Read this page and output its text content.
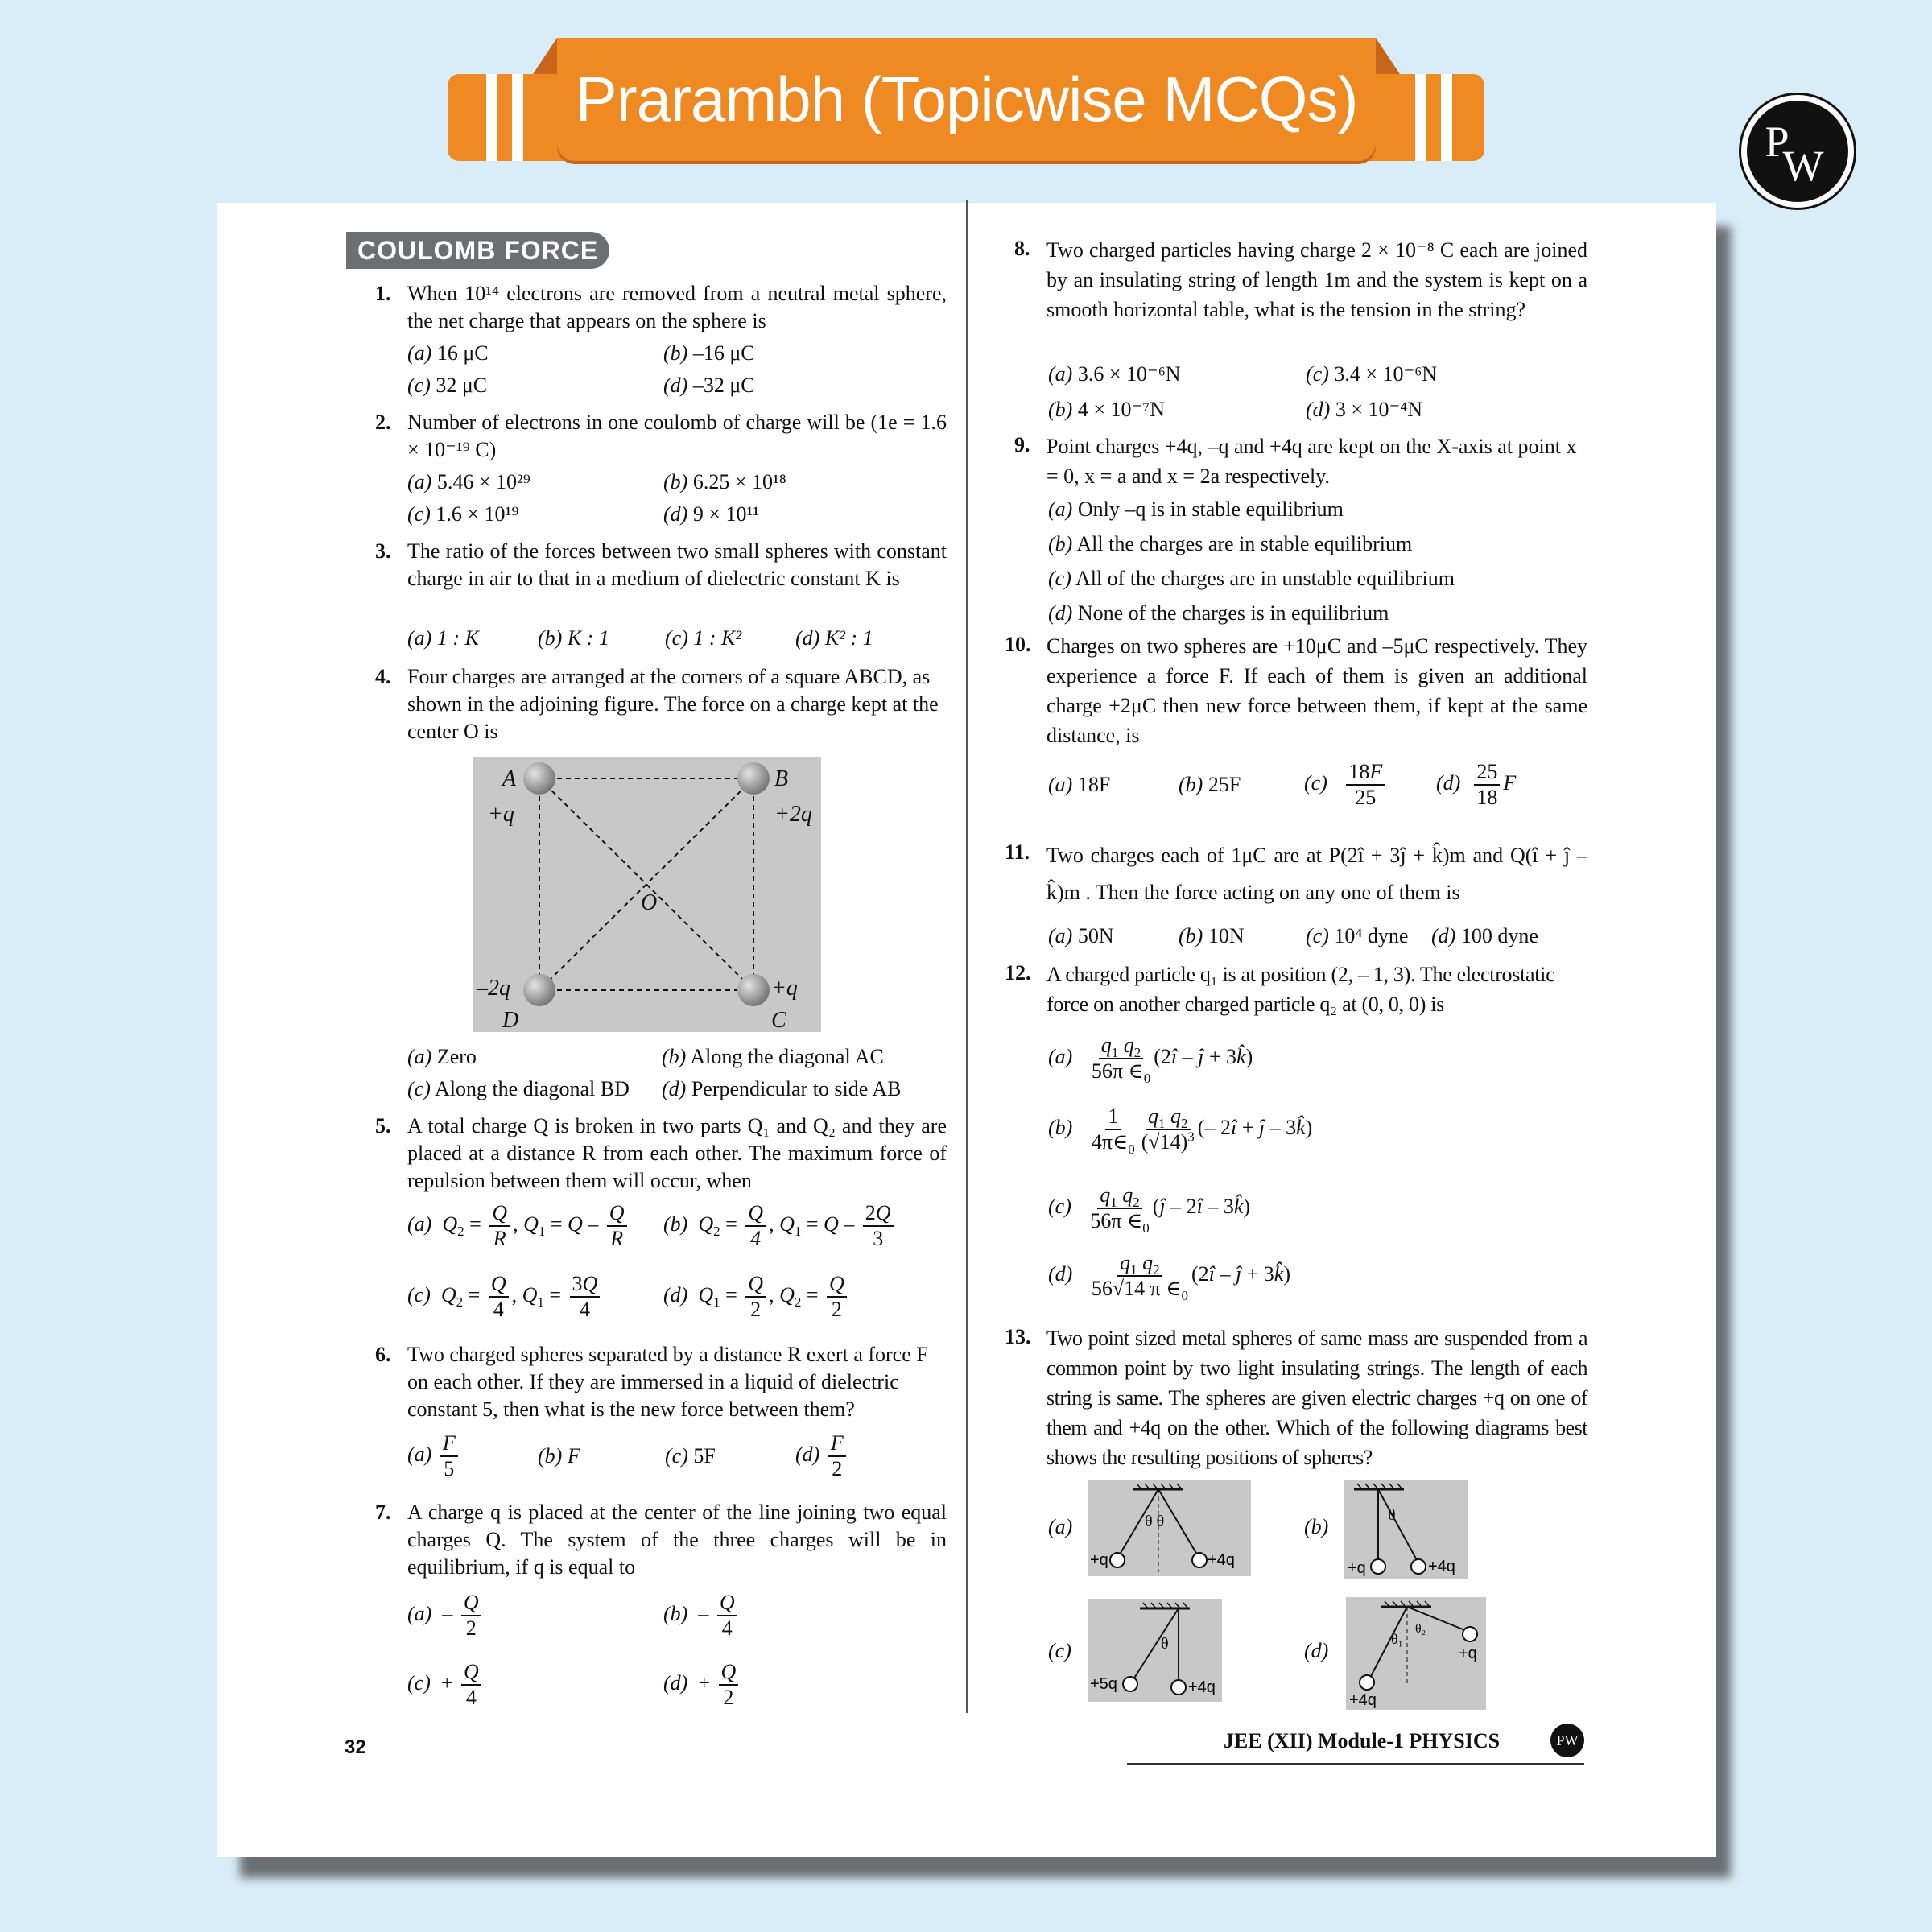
Prarambh (Topicwise MCQs)
P
W
COULOMB FORCE
1. When 10¹⁴ electrons are removed from a neutral metal sphere, the net charge that appears on the sphere is
(a) 16 μC	(b) –16 μC
(c) 32 μC	(d) –32 μC
2. Number of electrons in one coulomb of charge will be (1e = 1.6 × 10⁻¹⁹ C)
(a) 5.46 × 10²⁹	(b) 6.25 × 10¹⁸
(c) 1.6 × 10¹⁹	(d) 9 × 10¹¹
3. The ratio of the forces between two small spheres with constant charge in air to that in a medium of dielectric constant K is
(a) 1 : K	(b) K : 1	(c) 1 : K²	(d) K² : 1
4. Four charges are arranged at the corners of a square ABCD, as shown in the adjoining figure. The force on a charge kept at the center O is
A	B
C
D
O
+q	+2q
+q
–2q
(a) Zero	(b) Along the diagonal AC
(c) Along the diagonal BD (d) Perpendicular to side AB
5. A total charge Q is broken in two parts Q₁ and Q₂ and they are placed at a distance R from each other. The maximum force of repulsion between them will occur, when
(a) $Q_2 = \frac{Q}{R}$ , $Q_1 = Q - \frac{Q}{R} (b) Q_2 = \frac{Q}{4}$ , $Q_1 = Q - \frac{2Q}{3}$
(c) $Q_2 = \frac{Q}{4}$ , $Q_1 = \frac{3Q}{4}$	(d) $Q_1 = \frac{Q}{2}$ , $Q_2 = \frac{Q}{2}$
6. Two charged spheres separated by a distance R exert a force F on each other. If they are immersed in a liquid of dielectric constant 5, then what is the new force between them?
$(a) \frac{F}{5}$	(b) F	(c) 5F	$(d) \frac{F}{2}$
7. A charge q is placed at the center of the line joining two equal charges Q. The system of the three charges will be in equilibrium, if q is equal to
$(a) - \frac{Q}{2}$	$(b) - \frac{Q}{4}$
$(c) + \frac{Q}{4}$	$(d) + \frac{Q}{2}$
8. Two charged particles having charge 2 × 10⁻⁸ C each are joined by an insulating string of length 1m and the system is kept on a smooth horizontal table, what is the tension in the string?
(a) 3.6 × 10⁻⁶N	(c) 3.4 × 10⁻⁶N
(b) 4 × 10⁻⁷N	(d) 3 × 10⁻⁴N
9. Point charges +4q, –q and +4q are kept on the X-axis at point x = 0, x = a and x = 2a respectively.
(a) Only –q is in stable equilibrium
(b) All the charges are in stable equilibrium
(c) All of the charges are in unstable equilibrium
(d) None of the charges is in equilibrium
10. Charges on two spheres are +10μC and –5μC respectively. They experience a force F. If each of them is given an additional charge +2μC then new force between them, if kept at the same distance, is
(a) 18F	(b) 25F	$(c) \frac{18F}{25} (d) \frac{25}{18}$ F
11. Two charges each of 1μC are at P(2î + 3ĵ + k̂)m and Q(î + ĵ – k̂)m . Then the force acting on any one of them is
(a) 50N	(b) 10N	(c) 10⁴ dyne (d) 100 dyne
12. A charged particle q₁ is at position (2, – 1, 3). The electrostatic force on another charged particle q₂ at (0, 0, 0) is
$(a) \frac{q_1 q_2}{56\pi \in_0}$ (2î – ĵ + 3k̂)
$(b) \frac{1}{4\pi\in_0} \frac{q_1 q_2}{(√14)^3}$ (– 2î + ĵ – 3k̂)
$(c) \frac{q_1 q_2}{56\pi \in_0}$ (ĵ – 2î – 3k̂)
$(d) \frac{q_1 q_2}{56√14 \pi \in_0}$ (2î – ĵ + 3k̂)
13. Two point sized metal spheres of same mass are suspended from a common point by two light insulating strings. The length of each string is same. The spheres are given electric charges +q on one of them and +4q on the other. Which of the following diagrams best shows the resulting positions of spheres?
(a)	θ θ
+q	+4q
(b)	θ
+q	+4q
(c)	θ
+5q	+4q
(d)	θ₁
θ₂
+4q
+q
32	JEE (XII) Module-1 PHYSICS	PW
